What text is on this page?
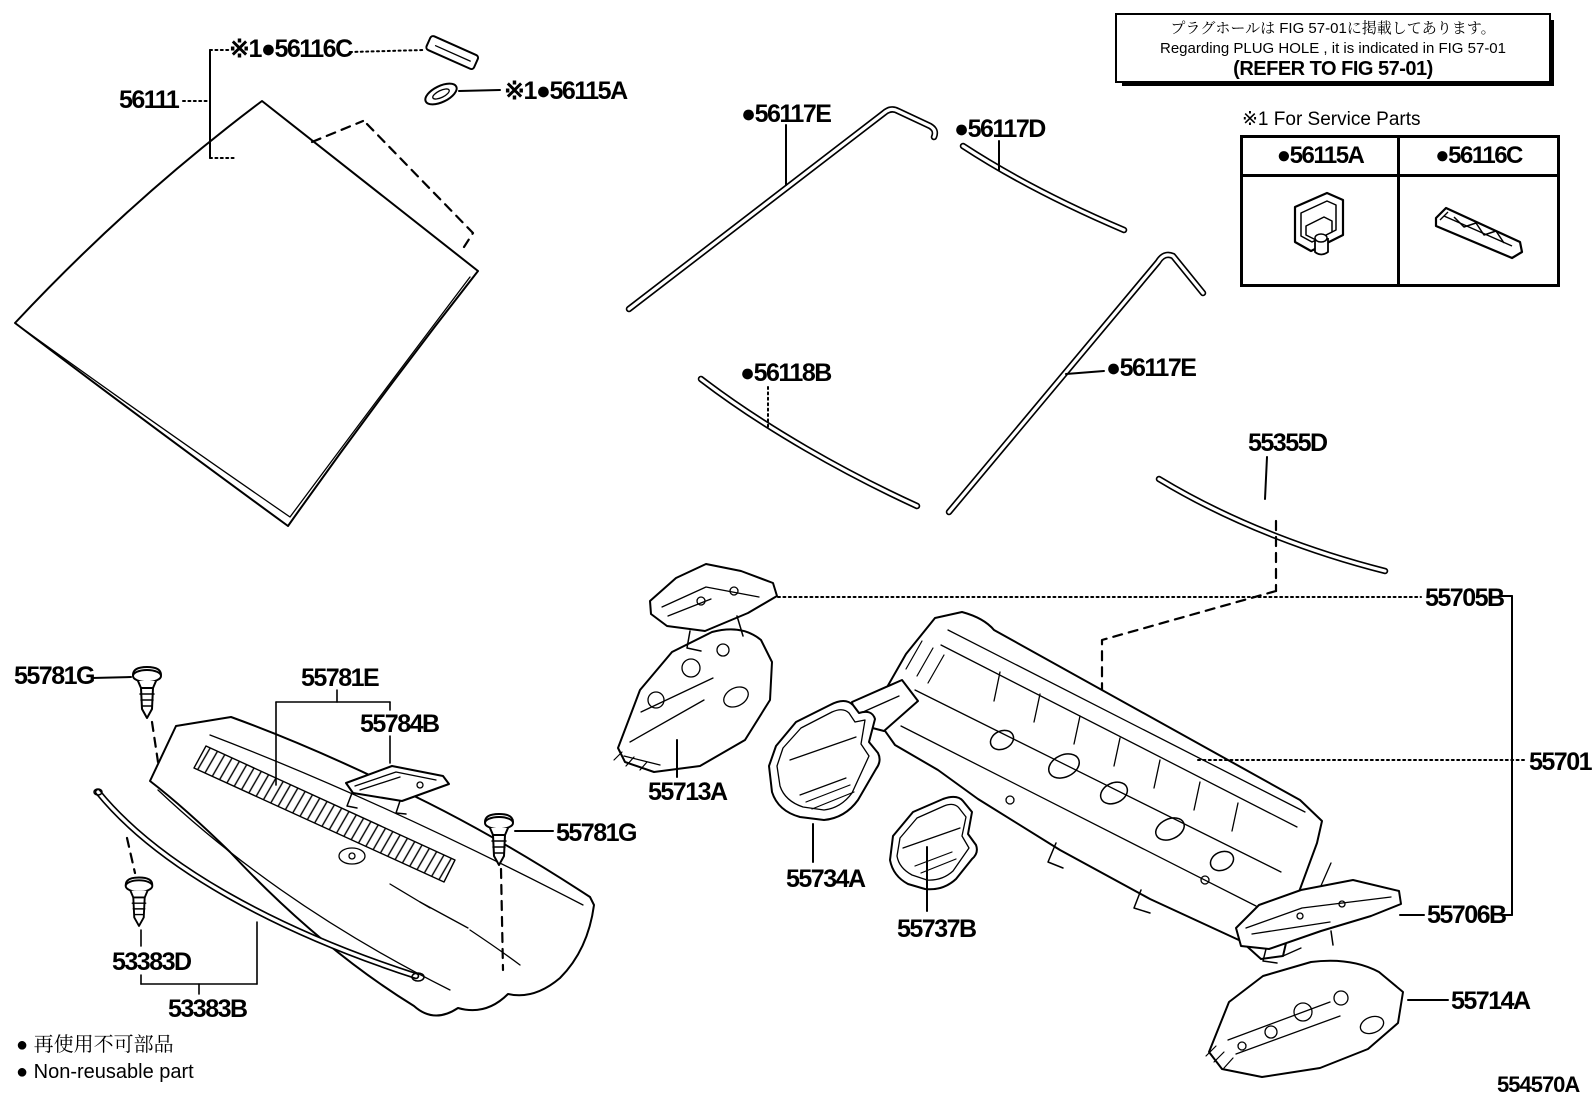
56111
※1●56116C
※1●56115A
●56117E
●56117D
●56118B	●56117E
55355D
55705B
55701
55706B
55714A
55713A
55781G	55781E
55784B
55781G
55734A
55737B
53383D
53383B
プラグホールは FIG 57-01に掲載してあります。
Regarding PLUG HOLE , it is indicated in FIG 57-01
(REFER TO FIG 57-01)
※1 For Service Parts
●56115A	●56116C
● 再使用不可部品
● Non-reusable part	554570A
